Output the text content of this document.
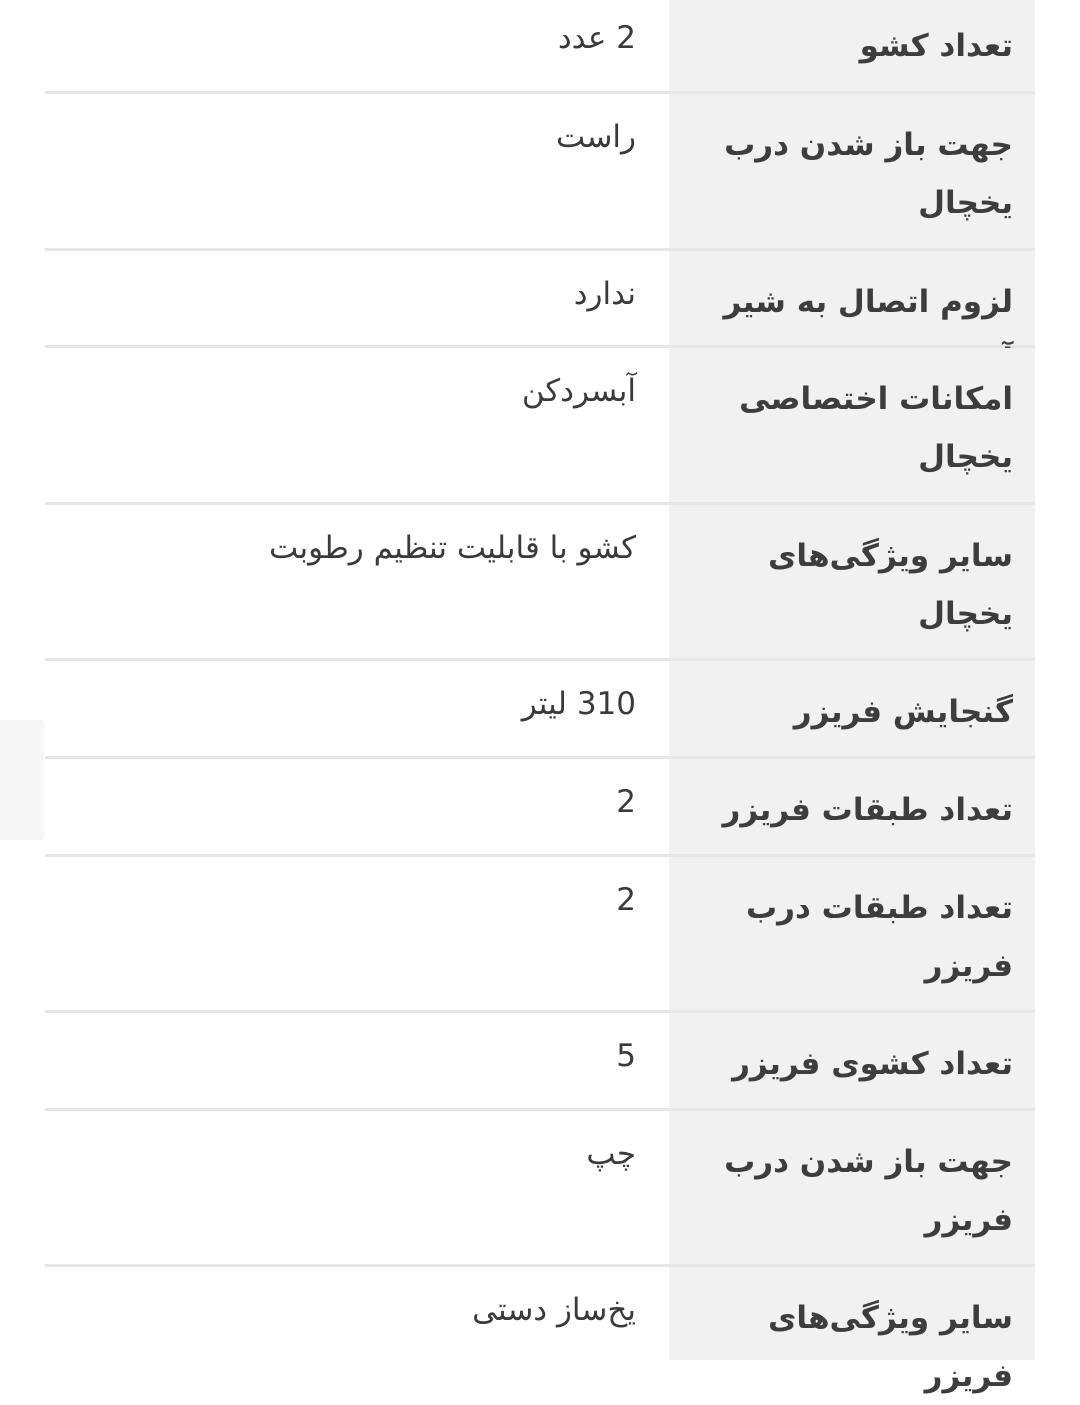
تعداد کشو
2 عدد
جهت باز شدن درب یخچال
راست
لزوم اتصال به شیر
ندارد
امکانات اختصاصی یخچال
آبسردکن
سایر ویژگی‌های یخچال
کشو با قابلیت تنظیم رطوبت
گنجایش فریزر
310 لیتر
تعداد طبقات فریزر
2
تعداد طبقات درب فریزر
2
تعداد کشوی فریزر
5
جهت باز شدن درب فریزر
چپ
سایر ویژگی‌های فریزر
یخ‌ساز دستی
